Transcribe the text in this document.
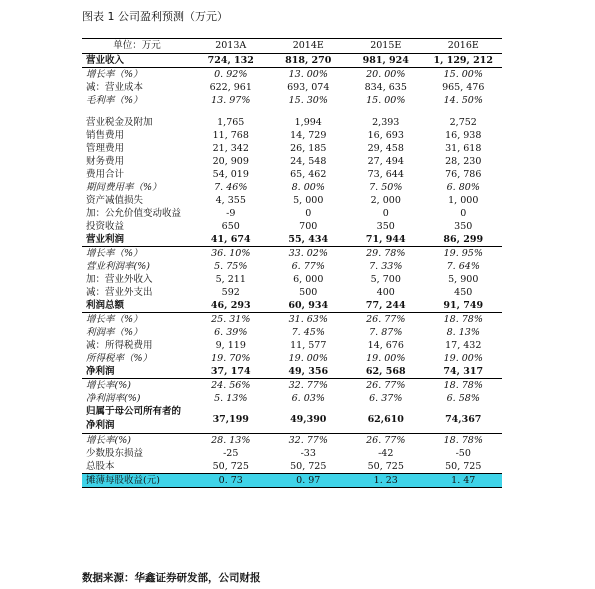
图表 1 公司盈利预测（万元）
单位：万元	2013A	2014E	2015E	2016E
营业收入	724, 132	818, 270	981, 924	1, 129, 212
增长率（%）	0. 92%	13. 00%	20. 00%	15. 00%
减：营业成本	622, 961	693, 074	834, 635	965, 476
毛利率（%）	13. 97%	15. 30%	15. 00%	14. 50%
营业税金及附加	1,765	1,994	2,393	2,752
销售费用	11, 768	14, 729	16, 693	16, 938
管理费用	21, 342	26, 185	29, 458	31, 618
财务费用	20, 909	24, 548	27, 494	28, 230
费用合计	54, 019	65, 462	73, 644	76, 786
期间费用率（%）	7. 46%	8. 00%	7. 50%	6. 80%
资产减值损失	4, 355	5, 000	2, 000	1, 000
加：公允价值变动收益	-9	0	0	0
投资收益	650	700	350	350
营业利润	41, 674	55, 434	71, 944	86, 299
增长率（%）	36. 10%	33. 02%	29. 78%	19. 95%
营业利润率(%)	5. 75%	6. 77%	7. 33%	7. 64%
加：营业外收入	5, 211	6, 000	5, 700	5, 900
减：营业外支出	592	500	400	450
利润总额	46, 293	60, 934	77, 244	91, 749
增长率（%）	25. 31%	31. 63%	26. 77%	18. 78%
利润率（%）	6. 39%	7. 45%	7. 87%	8. 13%
减：所得税费用	9, 119	11, 577	14, 676	17, 432
所得税率（%）	19. 70%	19. 00%	19. 00%	19. 00%
净利润	37, 174	49, 356	62, 568	74, 317
增长率(%)	24. 56%	32. 77%	26. 77%	18. 78%
净利润率(%)	5. 13%	6. 03%	6. 37%	6. 58%
归属于母公司所有者的净利润	37,199	49,390	62,610	74,367
增长率(%)	28. 13%	32. 77%	26. 77%	18. 78%
少数股东损益	-25	-33	-42	-50
总股本	50, 725	50, 725	50, 725	50, 725
摊薄每股收益(元)	0. 73	0. 97	1. 23	1. 47
数据来源：华鑫证券研发部，公司财报
